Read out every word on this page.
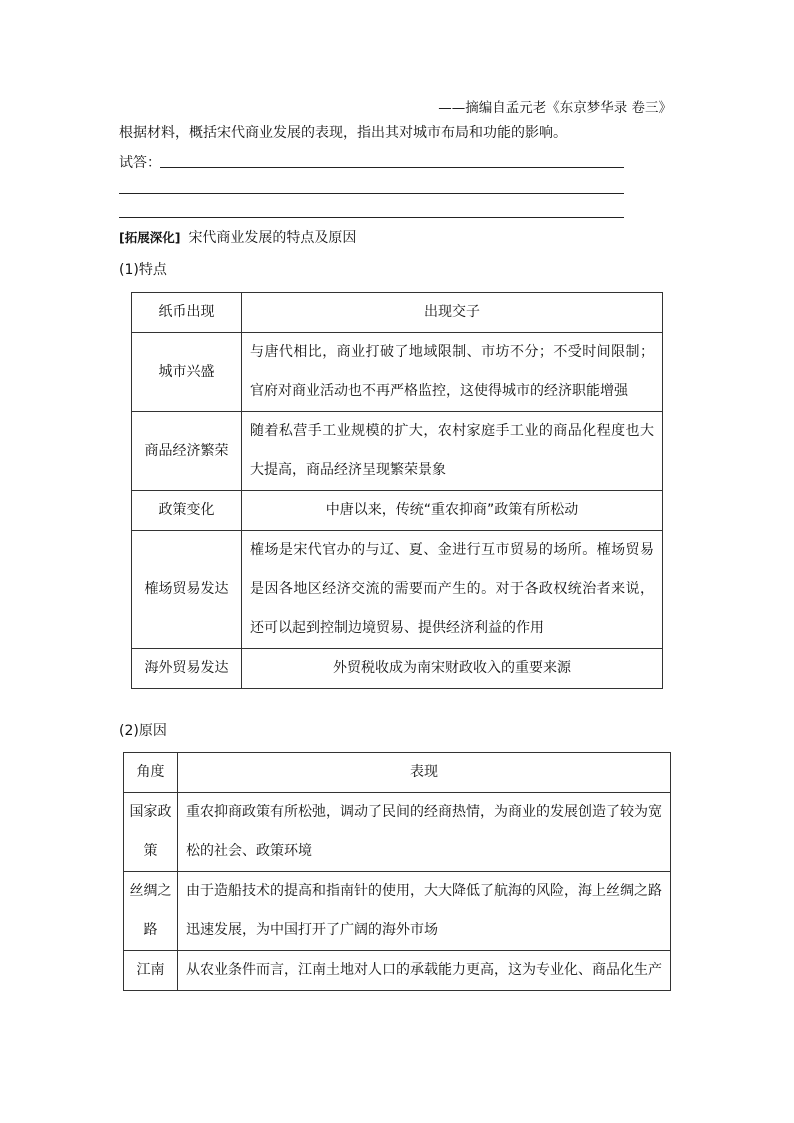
——摘编自孟元老《东京梦华录 卷三》
根据材料，概括宋代商业发展的表现，指出其对城市布局和功能的影响。
试答：
[拓展深化] 宋代商业发展的特点及原因
(1)特点
纸币出现	出现交子
城市兴盛	与唐代相比，商业打破了地域限制、市坊不分；不受时间限制；官府对商业活动也不再严格监控，这使得城市的经济职能增强
商品经济繁荣	随着私营手工业规模的扩大，农村家庭手工业的商品化程度也大大提高，商品经济呈现繁荣景象
政策变化	中唐以来，传统“重农抑商”政策有所松动
榷场贸易发达	榷场是宋代官办的与辽、夏、金进行互市贸易的场所。榷场贸易是因各地区经济交流的需要而产生的。对于各政权统治者来说，还可以起到控制边境贸易、提供经济利益的作用
海外贸易发达	外贸税收成为南宋财政收入的重要来源
(2)原因
角度	表现
国家政策	重农抑商政策有所松弛，调动了民间的经商热情，为商业的发展创造了较为宽松的社会、政策环境
丝绸之路	由于造船技术的提高和指南针的使用，大大降低了航海的风险，海上丝绸之路迅速发展，为中国打开了广阔的海外市场
江南	从农业条件而言，江南土地对人口的承载能力更高，这为专业化、商品化生产
